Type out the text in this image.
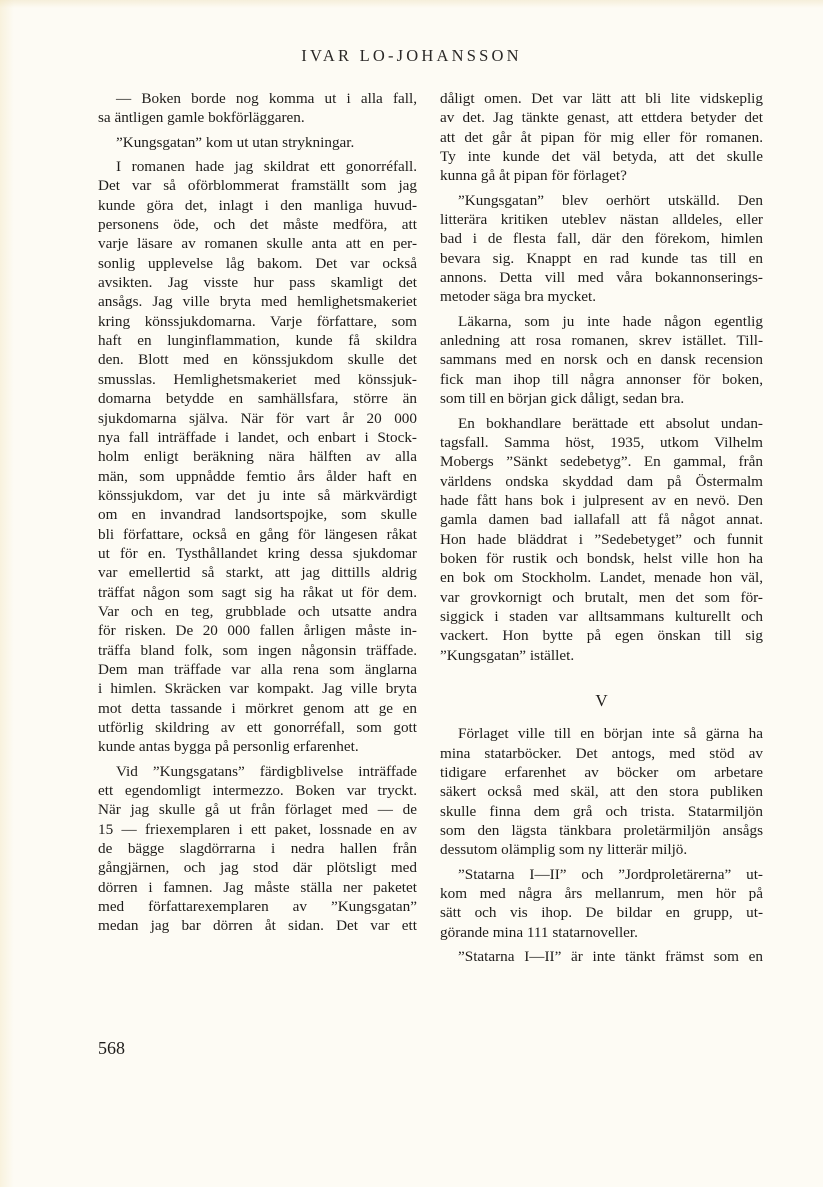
IVAR LO-JOHANSSON
— Boken borde nog komma ut i alla fall,
sa äntligen gamle bokförläggaren.
”Kungsgatan” kom ut utan strykningar.
I romanen hade jag skildrat ett gonorréfall.
Det var så oförblommerat framställt som jag
kunde göra det, inlagt i den manliga huvud-
personens öde, och det måste medföra, att
varje läsare av romanen skulle anta att en per-
sonlig upplevelse låg bakom. Det var också
avsikten. Jag visste hur pass skamligt det
ansågs. Jag ville bryta med hemlighetsmakeriet
kring könssjukdomarna. Varje författare, som
haft en lunginflammation, kunde få skildra
den. Blott med en könssjukdom skulle det
smusslas. Hemlighetsmakeriet med könssjuk-
domarna betydde en samhällsfara, större än
sjukdomarna själva. När för vart år 20 000
nya fall inträffade i landet, och enbart i Stock-
holm enligt beräkning nära hälften av alla
män, som uppnådde femtio års ålder haft en
könssjukdom, var det ju inte så märkvärdigt
om en invandrad landsortspojke, som skulle
bli författare, också en gång för längesen råkat
ut för en. Tysthållandet kring dessa sjukdomar
var emellertid så starkt, att jag dittills aldrig
träffat någon som sagt sig ha råkat ut för dem.
Var och en teg, grubblade och utsatte andra
för risken. De 20 000 fallen årligen måste in-
träffa bland folk, som ingen någonsin träffade.
Dem man träffade var alla rena som änglarna
i himlen. Skräcken var kompakt. Jag ville bryta
mot detta tassande i mörkret genom att ge en
utförlig skildring av ett gonorréfall, som gott
kunde antas bygga på personlig erfarenhet.
Vid ”Kungsgatans” färdigblivelse inträffade
ett egendomligt intermezzo. Boken var tryckt.
När jag skulle gå ut från förlaget med — de
15 — friexemplaren i ett paket, lossnade en av
de bägge slagdörrarna i nedra hallen från
gångjärnen, och jag stod där plötsligt med
dörren i famnen. Jag måste ställa ner paketet
med författarexemplaren av ”Kungsgatan”
medan jag bar dörren åt sidan. Det var ett
dåligt omen. Det var lätt att bli lite vidskeplig
av det. Jag tänkte genast, att ettdera betyder det
att det går åt pipan för mig eller för romanen.
Ty inte kunde det väl betyda, att det skulle
kunna gå åt pipan för förlaget?
”Kungsgatan” blev oerhört utskälld. Den
litterära kritiken uteblev nästan alldeles, eller
bad i de flesta fall, där den förekom, himlen
bevara sig. Knappt en rad kunde tas till en
annons. Detta vill med våra bokannonserings-
metoder säga bra mycket.
Läkarna, som ju inte hade någon egentlig
anledning att rosa romanen, skrev istället. Till-
sammans med en norsk och en dansk recension
fick man ihop till några annonser för boken,
som till en början gick dåligt, sedan bra.
En bokhandlare berättade ett absolut undan-
tagsfall. Samma höst, 1935, utkom Vilhelm
Mobergs ”Sänkt sedebetyg”. En gammal, från
världens ondska skyddad dam på Östermalm
hade fått hans bok i julpresent av en nevö. Den
gamla damen bad iallafall att få något annat.
Hon hade bläddrat i ”Sedebetyget” och funnit
boken för rustik och bondsk, helst ville hon ha
en bok om Stockholm. Landet, menade hon väl,
var grovkornigt och brutalt, men det som för-
siggick i staden var alltsammans kulturellt och
vackert. Hon bytte på egen önskan till sig
”Kungsgatan” istället.
V
Förlaget ville till en början inte så gärna ha
mina statarböcker. Det antogs, med stöd av
tidigare erfarenhet av böcker om arbetare
säkert också med skäl, att den stora publiken
skulle finna dem grå och trista. Statarmiljön
som den lägsta tänkbara proletärmiljön ansågs
dessutom olämplig som ny litterär miljö.
”Statarna I—II” och ”Jordproletärerna” ut-
kom med några års mellanrum, men hör på
sätt och vis ihop. De bildar en grupp, ut-
görande mina 111 statarnoveller.
”Statarna I—II” är inte tänkt främst som en
568
